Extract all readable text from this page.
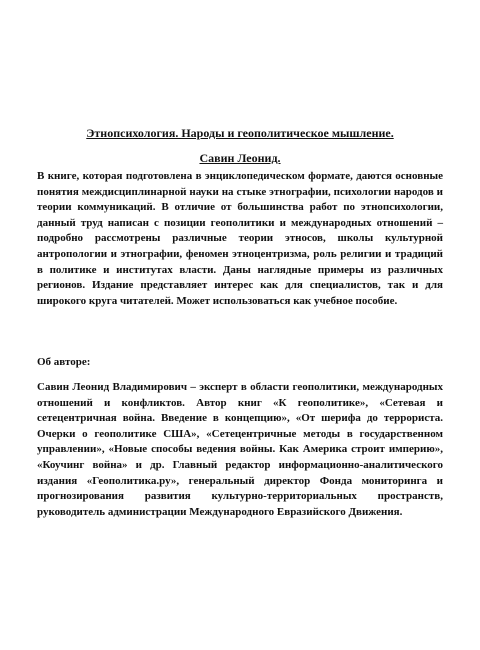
Этнопсихология. Народы и геополитическое мышление.
Савин Леонид.

В книге, которая подготовлена в энциклопедическом формате, даются основные понятия междисциплинарной науки на стыке этнографии, психологии народов и теории коммуникаций. В отличие от большинства работ по этнопсихологии, данный труд написан с позиции геополитики и международных отношений – подробно рассмотрены различные теории этносов, школы культурной антропологии и этнографии, феномен этноцентризма, роль религии и традиций в политике и институтах власти. Даны наглядные примеры из различных регионов. Издание представляет интерес как для специалистов, так и для широкого круга читателей. Может использоваться как учебное пособие.

Об авторе:

Савин Леонид Владимирович – эксперт в области геополитики, международных отношений и конфликтов. Автор книг «К геополитике», «Сетевая и сетецентричная война. Введение в концепцию», «От шерифа до террориста. Очерки о геополитике США», «Сетецентричные методы в государственном управлении», «Новые способы ведения войны. Как Америка строит империю», «Коучинг война» и др. Главный редактор информационно-аналитического издания «Геополитика.ру», генеральный директор Фонда мониторинга и прогнозирования развития культурно-территориальных пространств, руководитель администрации Международного Евразийского Движения.
